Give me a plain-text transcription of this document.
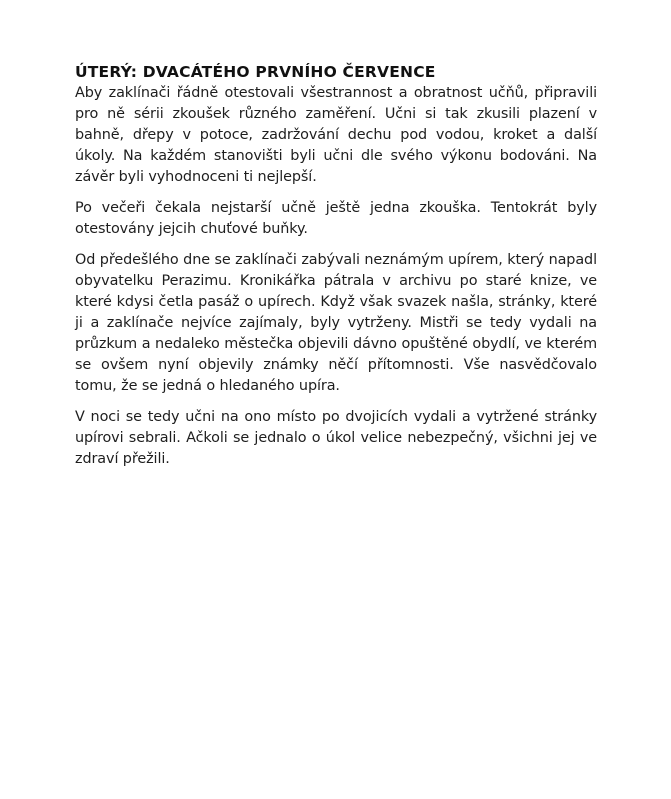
ÚTERÝ: DVACÁTÉHO PRVNÍHO ČERVENCE

Aby zaklínači řádně otestovali všestrannost a obratnost učňů, připravili pro ně sérii zkoušek různého zaměření. Učni si tak zkusili plazení v bahně, dřepy v potoce, zadržování dechu pod vodou, kroket a další úkoly. Na každém stanovišti byli učni dle svého výkonu bodováni. Na závěr byli vyhodnoceni ti nejlepší.

Po večeři čekala nejstarší učně ještě jedna zkouška. Tentokrát byly otestovány jejcih chuťové buňky.

Od předešlého dne se zaklínači zabývali neznámým upírem, který napadl obyvatelku Perazimu. Kronikářka pátrala v archivu po staré knize, ve které kdysi četla pasáž o upírech. Když však svazek našla, stránky, které ji a zaklínače nejvíce zajímaly, byly vytrženy. Mistři se tedy vydali na průzkum a nedaleko městečka objevili dávno opuštěné obydlí, ve kterém se ovšem nyní objevily známky něčí přítomnosti. Vše nasvědčovalo tomu, že se jedná o hledaného upíra.

V noci se tedy učni na ono místo po dvojicích vydali a vytržené stránky upírovi sebrali. Ačkoli se jednalo o úkol velice nebezpečný, všichni jej ve zdraví přežili.
